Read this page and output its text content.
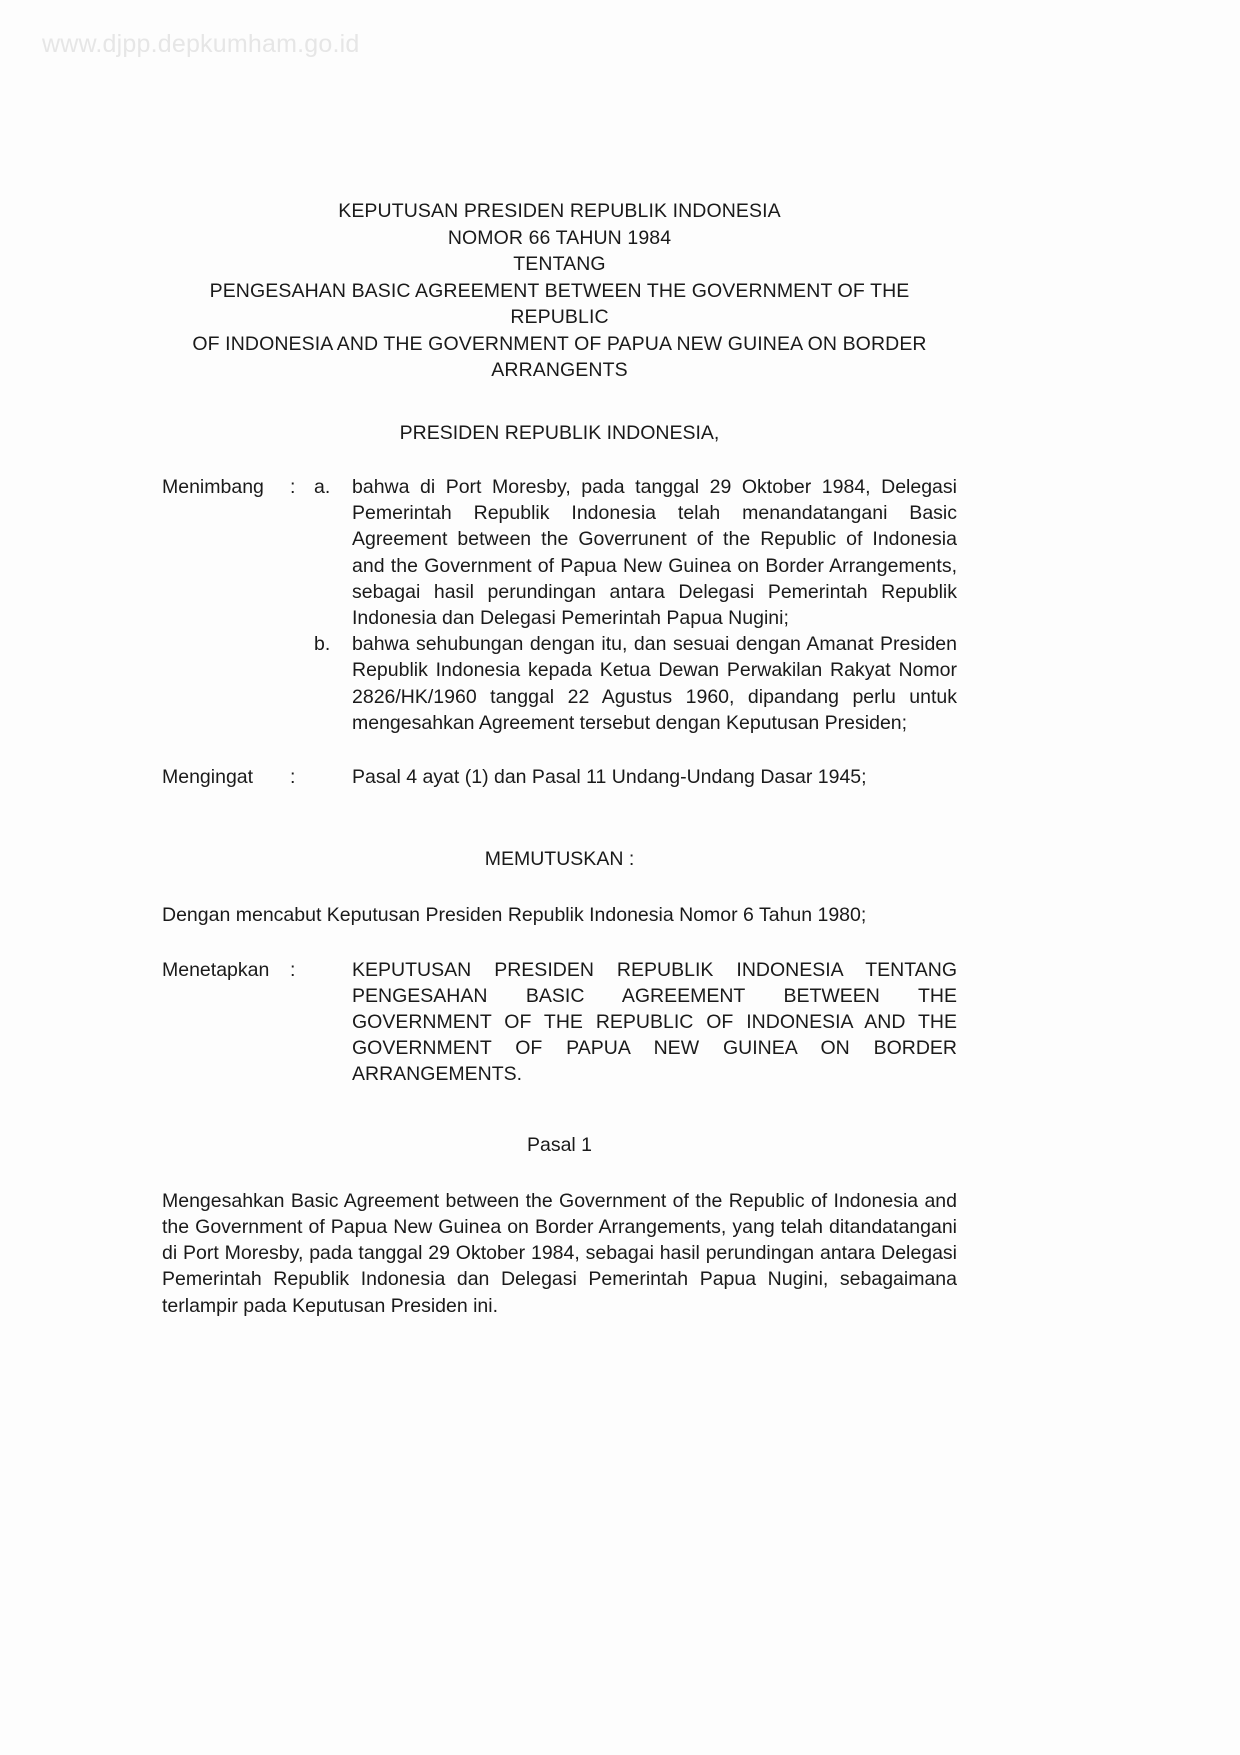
www.djpp.depkumham.go.id
KEPUTUSAN PRESIDEN REPUBLIK INDONESIA
NOMOR 66 TAHUN 1984
TENTANG
PENGESAHAN BASIC AGREEMENT BETWEEN THE GOVERNMENT OF THE REPUBLIC
OF INDONESIA AND THE GOVERNMENT OF PAPUA NEW GUINEA ON BORDER
ARRANGENTS
PRESIDEN REPUBLIK INDONESIA,
Menimbang	: a.	bahwa di Port Moresby, pada tanggal 29 Oktober 1984, Delegasi Pemerintah Republik Indonesia telah menandatangani Basic Agreement between the Goverrunent of the Republic of Indonesia and the Government of Papua New Guinea on Border Arrangements, sebagai hasil perundingan antara Delegasi Pemerintah Republik Indonesia dan Delegasi Pemerintah Papua Nugini;
b.	bahwa sehubungan dengan itu, dan sesuai dengan Amanat Presiden Republik Indonesia kepada Ketua Dewan Perwakilan Rakyat Nomor 2826/HK/1960 tanggal 22 Agustus 1960, dipandang perlu untuk mengesahkan Agreement tersebut dengan Keputusan Presiden;
Mengingat	:	Pasal 4 ayat (1) dan Pasal 11 Undang-Undang Dasar 1945;
MEMUTUSKAN :
Dengan mencabut Keputusan Presiden Republik Indonesia Nomor 6 Tahun 1980;
Menetapkan	:	KEPUTUSAN PRESIDEN REPUBLIK INDONESIA TENTANG PENGESAHAN BASIC AGREEMENT BETWEEN THE GOVERNMENT OF THE REPUBLIC OF INDONESIA AND THE GOVERNMENT OF PAPUA NEW GUINEA ON BORDER ARRANGEMENTS.
Pasal 1
Mengesahkan Basic Agreement between the Government of the Republic of Indonesia and the Government of Papua New Guinea on Border Arrangements, yang telah ditandatangani di Port Moresby, pada tanggal 29 Oktober 1984, sebagai hasil perundingan antara Delegasi Pemerintah Republik Indonesia dan Delegasi Pemerintah Papua Nugini, sebagaimana terlampir pada Keputusan Presiden ini.
